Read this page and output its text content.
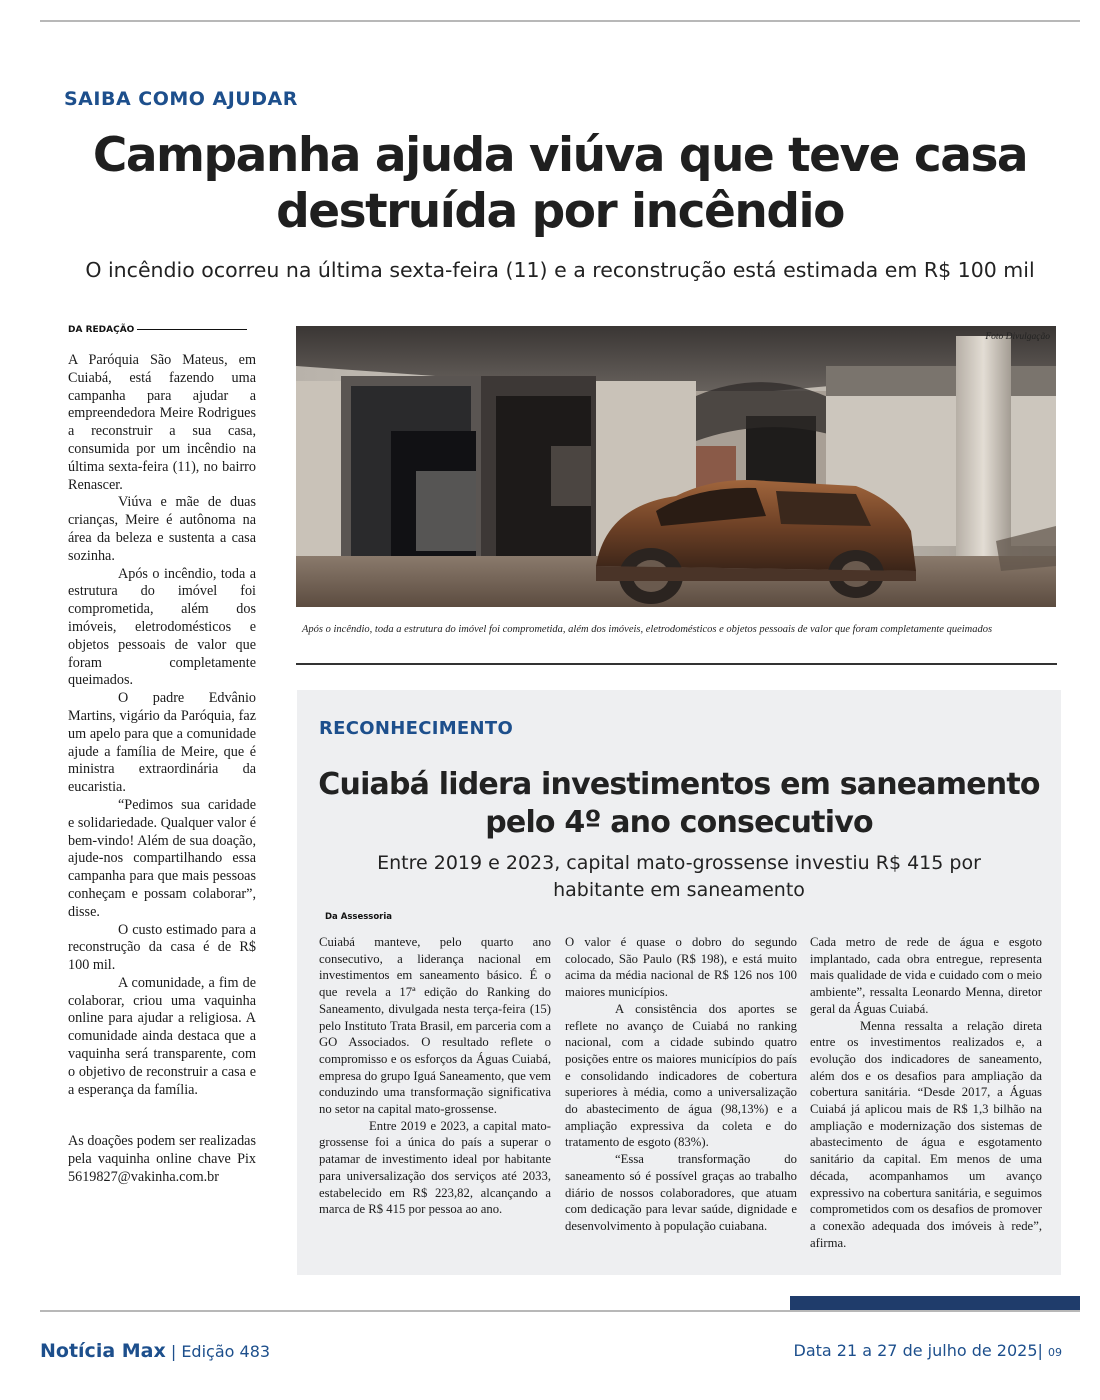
SAIBA COMO AJUDAR
Campanha ajuda viúva que teve casa destruída por incêndio
O incêndio ocorreu na última sexta-feira (11) e a reconstrução está estimada em R$ 100 mil
DA REDAÇÃO

A Paróquia São Mateus, em Cuiabá, está fazendo uma campanha para ajudar a empreendedora Meire Rodrigues a reconstruir a sua casa, consumida por um incêndio na última sexta-feira (11), no bairro Renascer.

Viúva e mãe de duas crianças, Meire é autônoma na área da beleza e sustenta a casa sozinha.

Após o incêndio, toda a estrutura do imóvel foi comprometida, além dos imóveis, eletrodomésticos e objetos pessoais de valor que foram completamente queimados.

O padre Edvânio Martins, vigário da Paróquia, faz um apelo para que a comunidade ajude a família de Meire, que é ministra extraordinária da eucaristia.

“Pedimos sua caridade e solidariedade. Qualquer valor é bem-vindo! Além de sua doação, ajude-nos compartilhando essa campanha para que mais pessoas conheçam e possam colaborar”, disse.

O custo estimado para a reconstrução da casa é de R$ 100 mil.

A comunidade, a fim de colaborar, criou uma vaquinha online para ajudar a religiosa. A comunidade ainda destaca que a vaquinha será transparente, com o objetivo de reconstruir a casa e a esperança da família.

As doações podem ser realizadas pela vaquinha online chave Pix 5619827@vakinha.com.br

Foto Divulgação
Após o incêndio, toda a estrutura do imóvel foi comprometida, além dos imóveis, eletrodomésticos e objetos pessoais de valor que foram completamente queimados
RECONHECIMENTO
Cuiabá lidera investimentos em saneamento pelo 4º ano consecutivo
Entre 2019 e 2023, capital mato-grossense investiu R$ 415 por habitante em saneamento
Da Assessoria

Cuiabá manteve, pelo quarto ano consecutivo, a liderança nacional em investimentos em saneamento básico. É o que revela a 17ª edição do Ranking do Saneamento, divulgada nesta terça-feira (15) pelo Instituto Trata Brasil, em parceria com a GO Associados. O resultado reflete o compromisso e os esforços da Águas Cuiabá, empresa do grupo Iguá Saneamento, que vem conduzindo uma transformação significativa no setor na capital mato-grossense.

Entre 2019 e 2023, a capital mato-grossense foi a única do país a superar o patamar de investimento ideal por habitante para universalização dos serviços até 2033, estabelecido em R$ 223,82, alcançando a marca de R$ 415 por pessoa ao ano.

O valor é quase o dobro do segundo colocado, São Paulo (R$ 198), e está muito acima da média nacional de R$ 126 nos 100 maiores municípios.

A consistência dos aportes se reflete no avanço de Cuiabá no ranking nacional, com a cidade subindo quatro posições entre os maiores municípios do país e consolidando indicadores de cobertura superiores à média, como a universalização do abastecimento de água (98,13%) e a ampliação expressiva da coleta e do tratamento de esgoto (83%).

“Essa transformação do saneamento só é possível graças ao trabalho diário de nossos colaboradores, que atuam com dedicação para levar saúde, dignidade e desenvolvimento à população cuiabana.

Cada metro de rede de água e esgoto implantado, cada obra entregue, representa mais qualidade de vida e cuidado com o meio ambiente”, ressalta Leonardo Menna, diretor geral da Águas Cuiabá.

Menna ressalta a relação direta entre os investimentos realizados e, a evolução dos indicadores de saneamento, além dos e os desafios para ampliação da cobertura sanitária. “Desde 2017, a Águas Cuiabá já aplicou mais de R$ 1,3 bilhão na ampliação e modernização dos sistemas de abastecimento de água e esgotamento sanitário da capital. Em menos de uma década, acompanhamos um avanço expressivo na cobertura sanitária, e seguimos comprometidos com os desafios de promover a conexão adequada dos imóveis à rede”, afirma.

Notícia Max | Edição 483	Data 21 a 27 de julho de 2025| 09
